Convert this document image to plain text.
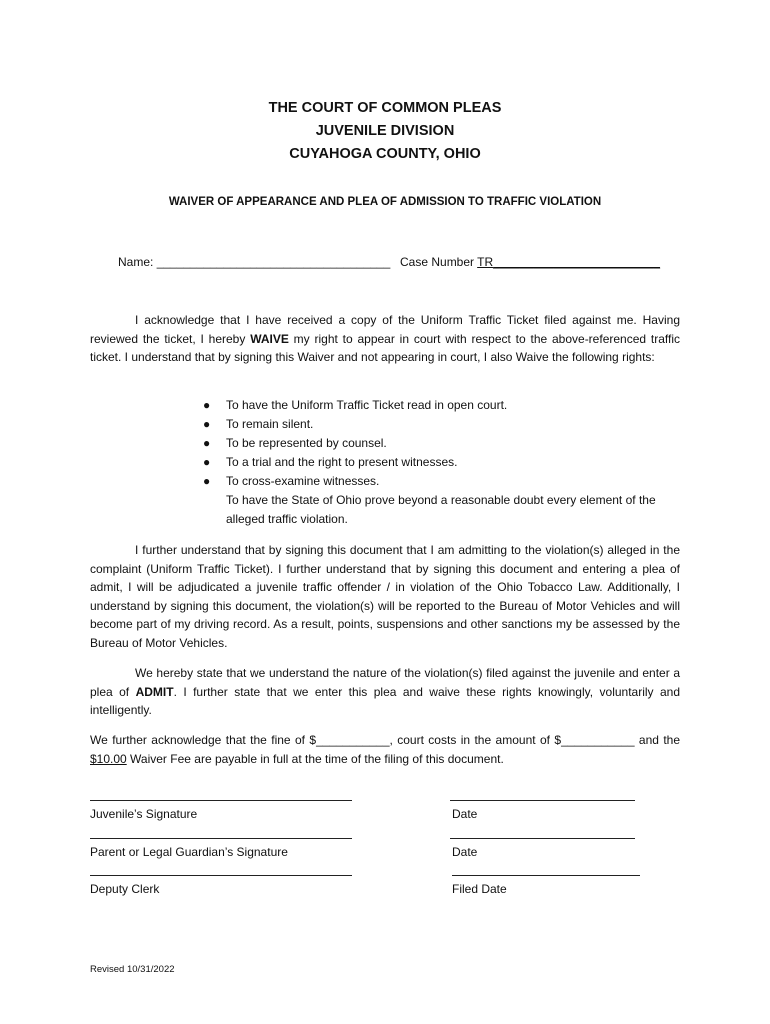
THE COURT OF COMMON PLEAS
JUVENILE DIVISION
CUYAHOGA COUNTY, OHIO
WAIVER OF APPEARANCE AND PLEA OF ADMISSION TO TRAFFIC VIOLATION
Name: ___________________________________ Case Number TR_________________________
I acknowledge that I have received a copy of the Uniform Traffic Ticket filed against me. Having reviewed the ticket, I hereby WAIVE my right to appear in court with respect to the above-referenced traffic ticket. I understand that by signing this Waiver and not appearing in court, I also Waive the following rights:
● To have the Uniform Traffic Ticket read in open court.
● To remain silent.
● To be represented by counsel.
● To a trial and the right to present witnesses.
● To cross-examine witnesses.
To have the State of Ohio prove beyond a reasonable doubt every element of the alleged traffic violation.
I further understand that by signing this document that I am admitting to the violation(s) alleged in the complaint (Uniform Traffic Ticket). I further understand that by signing this document and entering a plea of admit, I will be adjudicated a juvenile traffic offender / in violation of the Ohio Tobacco Law. Additionally, I understand by signing this document, the violation(s) will be reported to the Bureau of Motor Vehicles and will become part of my driving record. As a result, points, suspensions and other sanctions my be assessed by the Bureau of Motor Vehicles.
We hereby state that we understand the nature of the violation(s) filed against the juvenile and enter a plea of ADMIT. I further state that we enter this plea and waive these rights knowingly, voluntarily and intelligently.
We further acknowledge that the fine of $___________, court costs in the amount of $___________ and the $10.00 Waiver Fee are payable in full at the time of the filing of this document.
Juvenile’s Signature	Date
Parent or Legal Guardian’s Signature	Date
Deputy Clerk	Filed Date
Revised 10/31/2022
